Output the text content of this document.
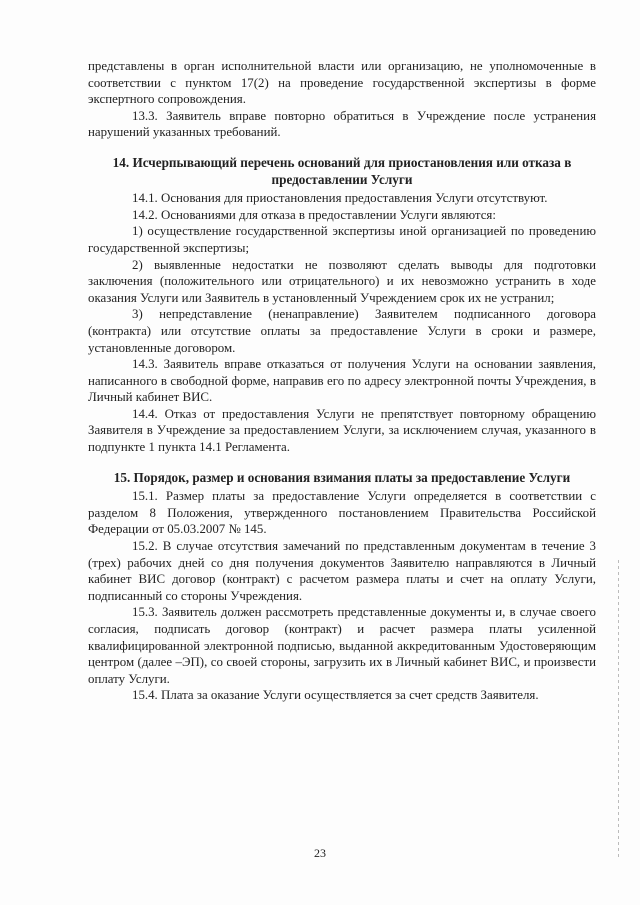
представлены в орган исполнительной власти или организацию, не уполномоченные в соответствии с пунктом 17(2) на проведение государственной экспертизы в форме экспертного сопровождения.

13.3. Заявитель вправе повторно обратиться в Учреждение после устранения нарушений указанных требований.

14. Исчерпывающий перечень оснований для приостановления или отказа в предоставлении Услуги

14.1. Основания для приостановления предоставления Услуги отсутствуют.

14.2. Основаниями для отказа в предоставлении Услуги являются:

1) осуществление государственной экспертизы иной организацией по проведению государственной экспертизы;

2) выявленные недостатки не позволяют сделать выводы для подготовки заключения (положительного или отрицательного) и их невозможно устранить в ходе оказания Услуги или Заявитель в установленный Учреждением срок их не устранил;

3) непредставление (ненаправление) Заявителем подписанного договора (контракта) или отсутствие оплаты за предоставление Услуги в сроки и размере, установленные договором.

14.3. Заявитель вправе отказаться от получения Услуги на основании заявления, написанного в свободной форме, направив его по адресу электронной почты Учреждения, в Личный кабинет ВИС.

14.4. Отказ от предоставления Услуги не препятствует повторному обращению Заявителя в Учреждение за предоставлением Услуги, за исключением случая, указанного в подпункте 1 пункта 14.1 Регламента.

15. Порядок, размер и основания взимания платы за предоставление Услуги

15.1. Размер платы за предоставление Услуги определяется в соответствии с разделом 8 Положения, утвержденного постановлением Правительства Российской Федерации от 05.03.2007 № 145.

15.2. В случае отсутствия замечаний по представленным документам в течение 3 (трех) рабочих дней со дня получения документов Заявителю направляются в Личный кабинет ВИС договор (контракт) с расчетом размера платы и счет на оплату Услуги, подписанный со стороны Учреждения.

15.3. Заявитель должен рассмотреть представленные документы и, в случае своего согласия, подписать договор (контракт) и расчет размера платы усиленной квалифицированной электронной подписью, выданной аккредитованным Удостоверяющим центром (далее –ЭП), со своей стороны, загрузить их в Личный кабинет ВИС, и произвести оплату Услуги.

15.4. Плата за оказание Услуги осуществляется за счет средств Заявителя.

23
